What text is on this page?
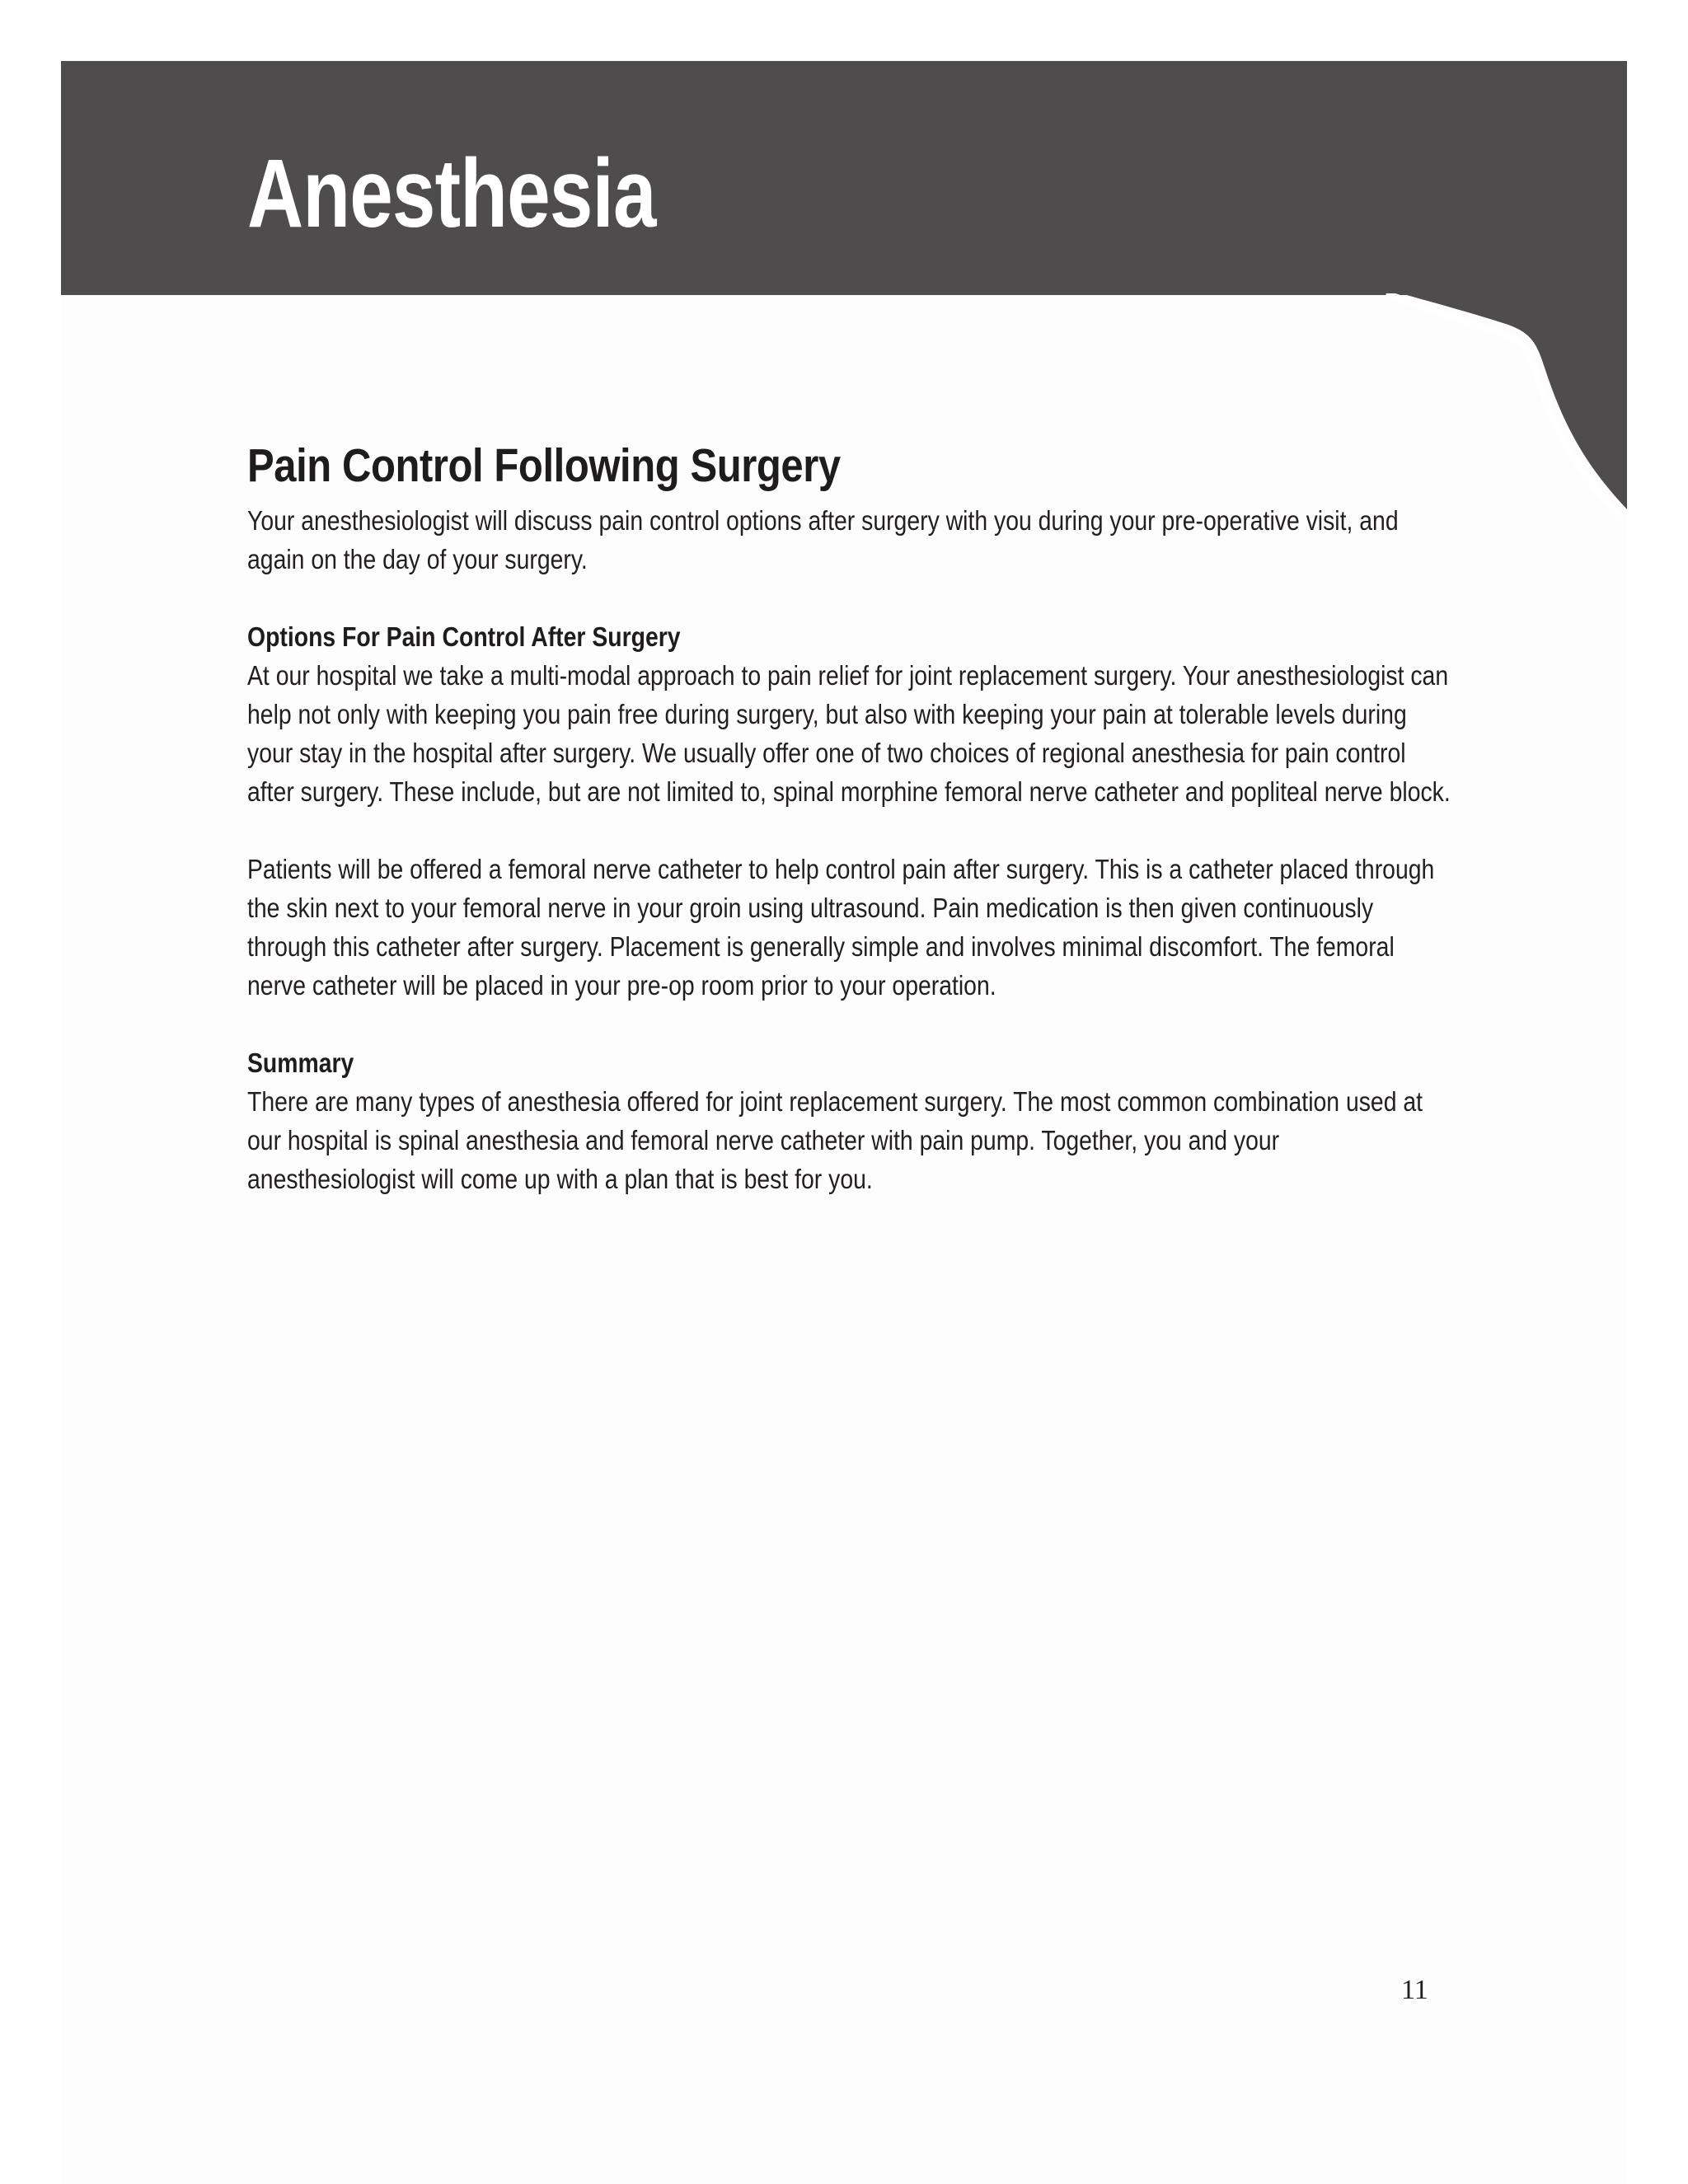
Anesthesia
Pain Control Following Surgery

Your anesthesiologist will discuss pain control options after surgery with you during your pre-operative visit, and again on the day of your surgery.

Options For Pain Control After Surgery

At our hospital we take a multi-modal approach to pain relief for joint replacement surgery. Your anesthesiologist can help not only with keeping you pain free during surgery, but also with keeping your pain at tolerable levels during your stay in the hospital after surgery. We usually offer one of two choices of regional anesthesia for pain control after surgery. These include, but are not limited to, spinal morphine femoral nerve catheter and popliteal nerve block.

Patients will be offered a femoral nerve catheter to help control pain after surgery. This is a catheter placed through the skin next to your femoral nerve in your groin using ultrasound. Pain medication is then given continuously through this catheter after surgery. Placement is generally simple and involves minimal discomfort. The femoral nerve catheter will be placed in your pre-op room prior to your operation.

Summary

There are many types of anesthesia offered for joint replacement surgery. The most common combination used at our hospital is spinal anesthesia and femoral nerve catheter with pain pump. Together, you and your anesthesiologist will come up with a plan that is best for you.

11
